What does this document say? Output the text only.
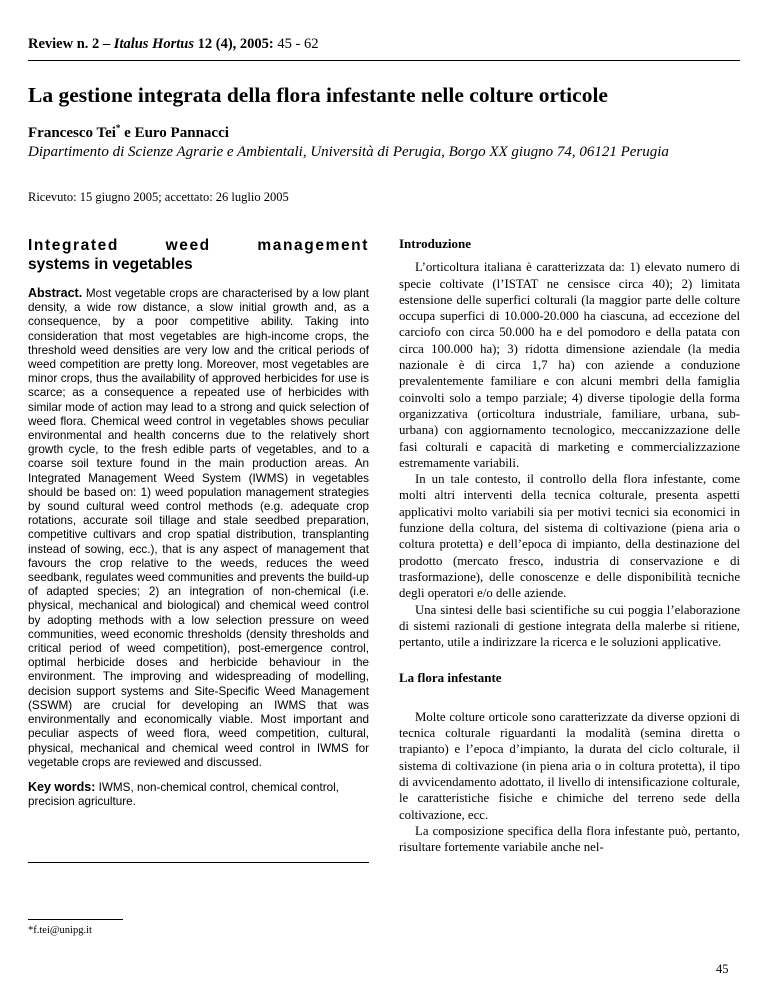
Review n. 2 – Italus Hortus 12 (4), 2005: 45 - 62
La gestione integrata della flora infestante nelle colture orticole
Francesco Tei* e Euro Pannacci
Dipartimento di Scienze Agrarie e Ambientali, Università di Perugia, Borgo XX giugno 74, 06121 Perugia
Ricevuto: 15 giugno 2005; accettato: 26 luglio 2005
Integrated weed management
systems in vegetables

Abstract. Most vegetable crops are characterised by a low plant density, a wide row distance, a slow initial growth and, as a consequence, by a poor competitive ability. Taking into consideration that most vegetables are high-income crops, the threshold weed densities are very low and the critical periods of weed competition are pretty long. Moreover, most vegetables are minor crops, thus the availability of approved herbicides for use is scarce; as a consequence a repeated use of herbicides with similar mode of action may lead to a strong and quick selection of weed flora. Chemical weed control in vegetables shows peculiar environmental and health concerns due to the relatively short growth cycle, to the fresh edible parts of vegetables, and to a coarse soil texture found in the main production areas. An Integrated Management Weed System (IWMS) in vegetables should be based on: 1) weed population management strategies by sound cultural weed control methods (e.g. adequate crop rotations, accurate soil tillage and stale seedbed preparation, competitive cultivars and crop spatial distribution, transplanting instead of sowing, ecc.), that is any aspect of management that favours the crop relative to the weeds, reduces the weed seedbank, regulates weed communities and prevents the build-up of adapted species; 2) an integration of non-chemical (i.e. physical, mechanical and biological) and chemical weed control by adopting methods with a low selection pressure on weed communities, weed economic thresholds (density thresholds and critical period of weed competition), post-emergence control, optimal herbicide doses and herbicide behaviour in the environment. The improving and widespreading of modelling, decision support systems and Site-Specific Weed Management (SSWM) are crucial for developing an IWMS that was environmentally and economically viable. Most important and peculiar aspects of weed flora, weed competition, cultural, physical, mechanical and chemical weed control in IWMS for vegetable crops are reviewed and discussed.

Key words: IWMS, non-chemical control, chemical control, precision agriculture.

*f.tei@unipg.it
Introduzione

L’orticoltura italiana è caratterizzata da: 1) elevato numero di specie coltivate (l’ISTAT ne censisce circa 40); 2) limitata estensione delle superfici colturali (la maggior parte delle colture occupa superfici di 10.000-20.000 ha ciascuna, ad eccezione del carciofo con circa 50.000 ha e del pomodoro e della patata con circa 100.000 ha); 3) ridotta dimensione aziendale (la media nazionale è di circa 1,7 ha) con aziende a conduzione prevalentemente familiare e con alcuni membri della famiglia coinvolti solo a tempo parziale; 4) diverse tipologie della forma organizzativa (orticoltura industriale, familiare, urbana, sub-urbana) con aggiornamento tecnologico, meccanizzazione delle fasi colturali e capacità di marketing e commercializzazione estremamente variabili.

In un tale contesto, il controllo della flora infestante, come molti altri interventi della tecnica colturale, presenta aspetti applicativi molto variabili sia per motivi tecnici sia economici in funzione della coltura, del sistema di coltivazione (piena aria o coltura protetta) e dell’epoca di impianto, della destinazione del prodotto (mercato fresco, industria di conservazione e di trasformazione), delle conoscenze e delle disponibilità tecniche degli operatori e/o delle aziende.

Una sintesi delle basi scientifiche su cui poggia l’elaborazione di sistemi razionali di gestione integrata della malerbe si ritiene, pertanto, utile a indirizzare la ricerca e le soluzioni applicative.

La flora infestante

Molte colture orticole sono caratterizzate da diverse opzioni di tecnica colturale riguardanti la modalità (semina diretta o trapianto) e l’epoca d’impianto, la durata del ciclo colturale, il sistema di coltivazione (in piena aria o in coltura protetta), il tipo di avvicendamento adottato, il livello di intensificazione colturale, le caratteristiche fisiche e chimiche del terreno sede della coltivazione, ecc.

La composizione specifica della flora infestante può, pertanto, risultare fortemente variabile anche nel-

45
